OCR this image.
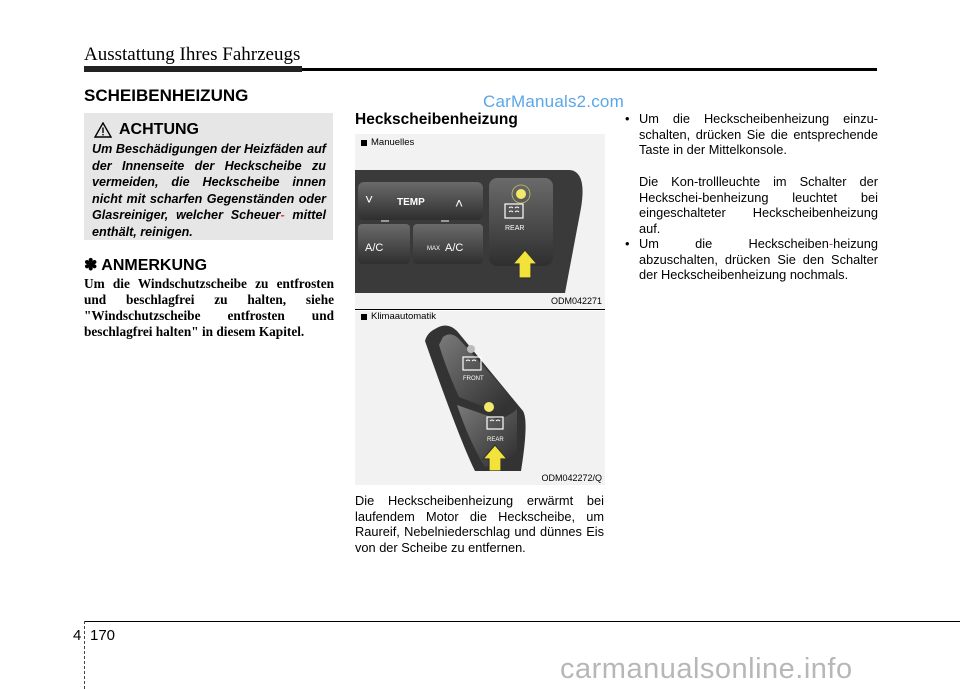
Ausstattung Ihres Fahrzeugs
SCHEIBENHEIZUNG	CarManuals2.com
ACHTUNG
Um Beschädigungen der Heizfäden auf der Innenseite der Heckscheibe zu vermeiden, die Heckscheibe innen nicht mit scharfen Gegenständen oder Glasreiniger, welcher Scheuer- mittel enthält, reinigen.
✽ ANMERKUNG
Um die Windschutzscheibe zu entfrosten und beschlagfrei zu halten, siehe "Windschutzscheibe entfrosten und beschlagfrei halten" in diesem Kapitel.
Heckscheibenheizung
Manuelles
TEMP
˅	˄
A/C	MAX A/C
REAR
ODM042271
Klimaautomatik
FRONT
REAR
ODM042272/Q
Die Heckscheibenheizung erwärmt bei laufendem Motor die Heckscheibe, um Raureif, Nebelniederschlag und dünnes Eis von der Scheibe zu entfernen.
• Um die Heckscheibenheizung einzu-schalten, drücken Sie die entsprechende Taste in der Mittelkonsole.
Die Kon-trollleuchte im Schalter der Heckschei-benheizung leuchtet bei eingeschalteter Heckscheibenheizung auf.
• Um die Heckscheiben-heizung abzuschalten, drücken Sie den Schalter der Heckscheibenheizung nochmals.
4 170
carmanualsonline.info
